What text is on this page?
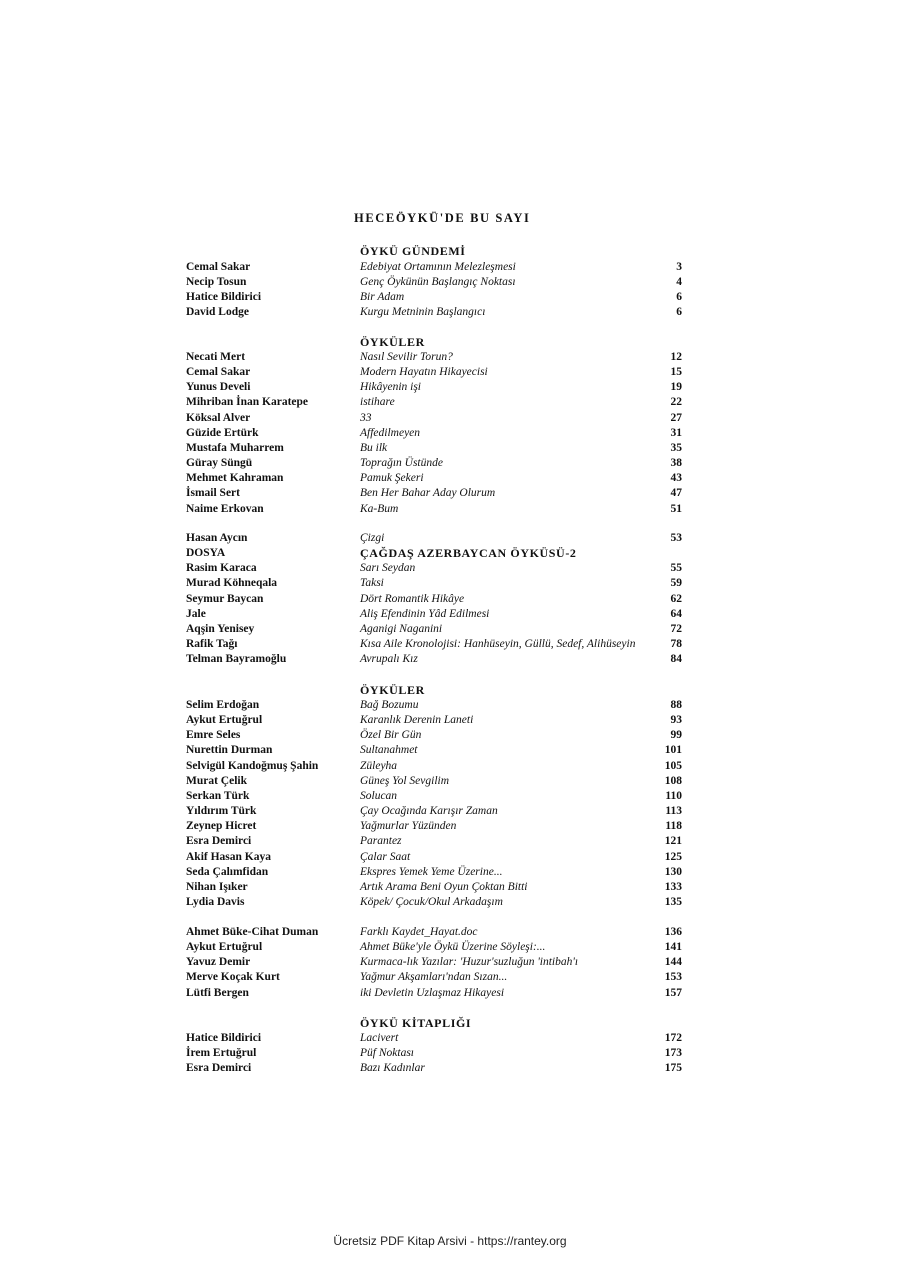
HECEÖYKÜ'DE BU SAYI
ÖYKÜ GÜNDEMİ
Cemal Sakar	Edebiyat Ortamının Melezleşmesi	3
Necip Tosun	Genç Öykünün Başlangıç Noktası	4
Hatice Bildirici	Bir Adam	6
David Lodge	Kurgu Metninin Başlangıcı	6
ÖYKÜLER
Necati Mert	Nasıl Sevilir Torun?	12
Cemal Sakar	Modern Hayatın Hikayecisi	15
Yunus Develi	Hikâyenin işi	19
Mihriban İnan Karatepe	istihare	22
Köksal Alver	33	27
Güzide Ertürk	Affedilmeyen	31
Mustafa Muharrem	Bu ilk	35
Güray Süngü	Toprağın Üstünde	38
Mehmet Kahraman	Pamuk Şekeri	43
İsmail Sert	Ben Her Bahar Aday Olurum	47
Naime Erkovan	Ka-Bum	51
Hasan Aycın	Çizgi	53
DOSYA	ÇAĞDAŞ AZERBAYCAN ÖYKÜSÜ-2
Rasim Karaca	Sarı Seydan	55
Murad Köhneqala	Taksi	59
Seymur Baycan	Dört Romantik Hikâye	62
Jale	Aliş Efendinin Yâd Edilmesi	64
Aqşin Yenisey	Aganigi Naganini	72
Rafik Tağı	Kısa Aile Kronolojisi: Hanhüseyin, Güllü, Sedef, Alihüseyin	78
Telman Bayramoğlu	Avrupalı Kız	84
ÖYKÜLER
Selim Erdoğan	Bağ Bozumu	88
Aykut Ertuğrul	Karanlık Derenin Laneti	93
Emre Seles	Özel Bir Gün	99
Nurettin Durman	Sultanahmet	101
Selvigül Kandoğmuş Şahin	Züleyha	105
Murat Çelik	Güneş Yol Sevgilim	108
Serkan Türk	Solucan	110
Yıldırım Türk	Çay Ocağında Karışır Zaman	113
Zeynep Hicret	Yağmurlar Yüzünden	118
Esra Demirci	Parantez	121
Akif Hasan Kaya	Çalar Saat	125
Seda Çalımfidan	Ekspres Yemek Yeme Üzerine...	130
Nihan Işıker	Artık Arama Beni Oyun Çoktan Bitti	133
Lydia Davis	Köpek/ Çocuk/Okul Arkadaşım	135
Ahmet Büke-Cihat Duman	Farklı Kaydet_Hayat.doc	136
Aykut Ertuğrul	Ahmet Büke'yle Öykü Üzerine Söyleşi:...	141
Yavuz Demir	Kurmaca-lık Yazılar: 'Huzur'suzluğun 'intibah'ı	144
Merve Koçak Kurt	Yağmur Akşamları'ndan Sızan...	153
Lütfi Bergen	iki Devletin Uzlaşmaz Hikayesi	157
ÖYKÜ KİTAPLIĞI
Hatice Bildirici	Lacivert	172
İrem Ertuğrul	Püf Noktası	173
Esra Demirci	Bazı Kadınlar	175
Ücretsiz PDF Kitap Arsivi - https://rantey.org
